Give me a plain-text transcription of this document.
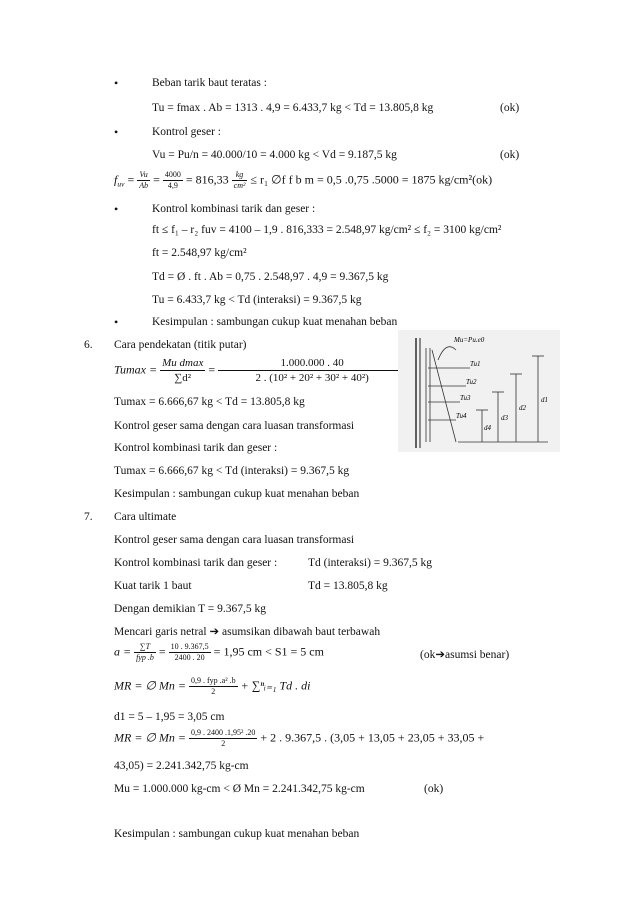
•	Beban tarik baut teratas :
Tu = fmax . Ab = 1313 . 4,9 = 6.433,7 kg < Td = 13.805,8 kg	(ok)
•	Kontrol geser :
Vu = Pu/n = 40.000/10 = 4.000 kg < Vd = 9.187,5 kg	(ok)
$f_{uv} = \frac{Vu}{Ab} = \frac{4000}{4,9} = 816,33 \frac{kg}{\text{cm²}} \le r_1$ ∅f f b m = 0,5 .0,75 .5000 = 1875 kg/cm²(ok)
•	Kontrol kombinasi tarik dan geser :
ft ≤ f₁ – r₂ fuv = 4100 – 1,9 . 816,333 = 2.548,97 kg/cm² ≤ f₂ = 3100 kg/cm²
ft = 2.548,97 kg/cm²
Td = Ø . ft . Ab = 0,75 . 2.548,97 . 4,9 = 9.367,5 kg
Tu = 6.433,7 kg < Td (interaksi) = 9.367,5 kg
•	Kesimpulan : sambungan cukup kuat menahan beban
6. Cara pendekatan (titik putar)
$Tumax = \frac{\text{Mu dmax}}{\text{∑d²}} = \frac{1.000.000 . 40}{\text{2 . (10² + 20² + 30² + 40²)}}$
Tumax = 6.666,67 kg < Td = 13.805,8 kg
Kontrol geser sama dengan cara luasan transformasi
Kontrol kombinasi tarik dan geser :
Tumax = 6.666,67 kg < Td (interaksi) = 9.367,5 kg
Kesimpulan : sambungan cukup kuat menahan beban
Mu=Pu.e0
Tu1
Tu2
Tu3
Tu4
d1
d2
d3
d4
7. Cara ultimate
Kontrol geser sama dengan cara luasan transformasi
Kontrol kombinasi tarik dan geser :	Td (interaksi) = 9.367,5 kg
Kuat tarik 1 baut	Td = 13.805,8 kg
Dengan demikian T = 9.367,5 kg
Mencari garis netral ➔ asumsikan dibawah baut terbawah
$a = \frac{\sum T}{\text{fyp .b}} = \frac{10 . 9.367,5}{2400 . 20} = 1,95$ cm < S1 = 5 cm	(ok➔asumsi benar)
MR = ∅ $Mn = \frac{\text{0,9 . fyp .a² .b}}{2}$ + ∑ⁿᵢ₌₁ Td . di
d1 = 5 – 1,95 = 3,05 cm
MR = ∅ $Mn = \frac{\text{0,9 . 2400 .1,95² .20}}{2} + 2$ . 9.367,5 . (3,05 + 13,05 + 23,05 + 33,05 +
43,05) = 2.241.342,75 kg-cm
Mu = 1.000.000 kg-cm < Ø Mn = 2.241.342,75 kg-cm	(ok)
Kesimpulan : sambungan cukup kuat menahan beban
